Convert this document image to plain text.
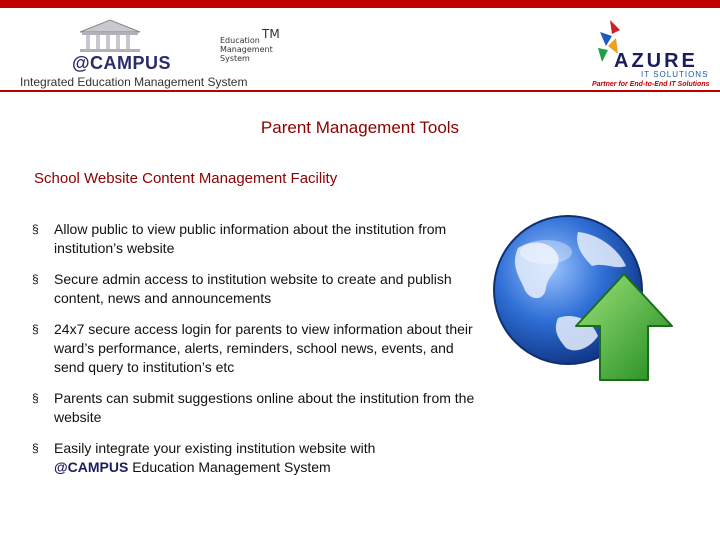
TM
Education
Management
System
@CAMPUS
Integrated Education Management System
AZURE
IT SOLUTIONS
Partner for End-to-End IT Solutions
Parent Management Tools
School Website Content Management Facility
§ Allow public to view public information about the institution from institution’s website
§ Secure admin access to institution website to create and publish content, news and announcements
§ 24x7 secure access login for parents to view information about their ward’s performance, alerts, reminders, school news, events, and send query to institution’s etc
§ Parents can submit suggestions online about the institution from the website
§ Easily integrate your existing institution website with
@CAMPUS Education Management System
